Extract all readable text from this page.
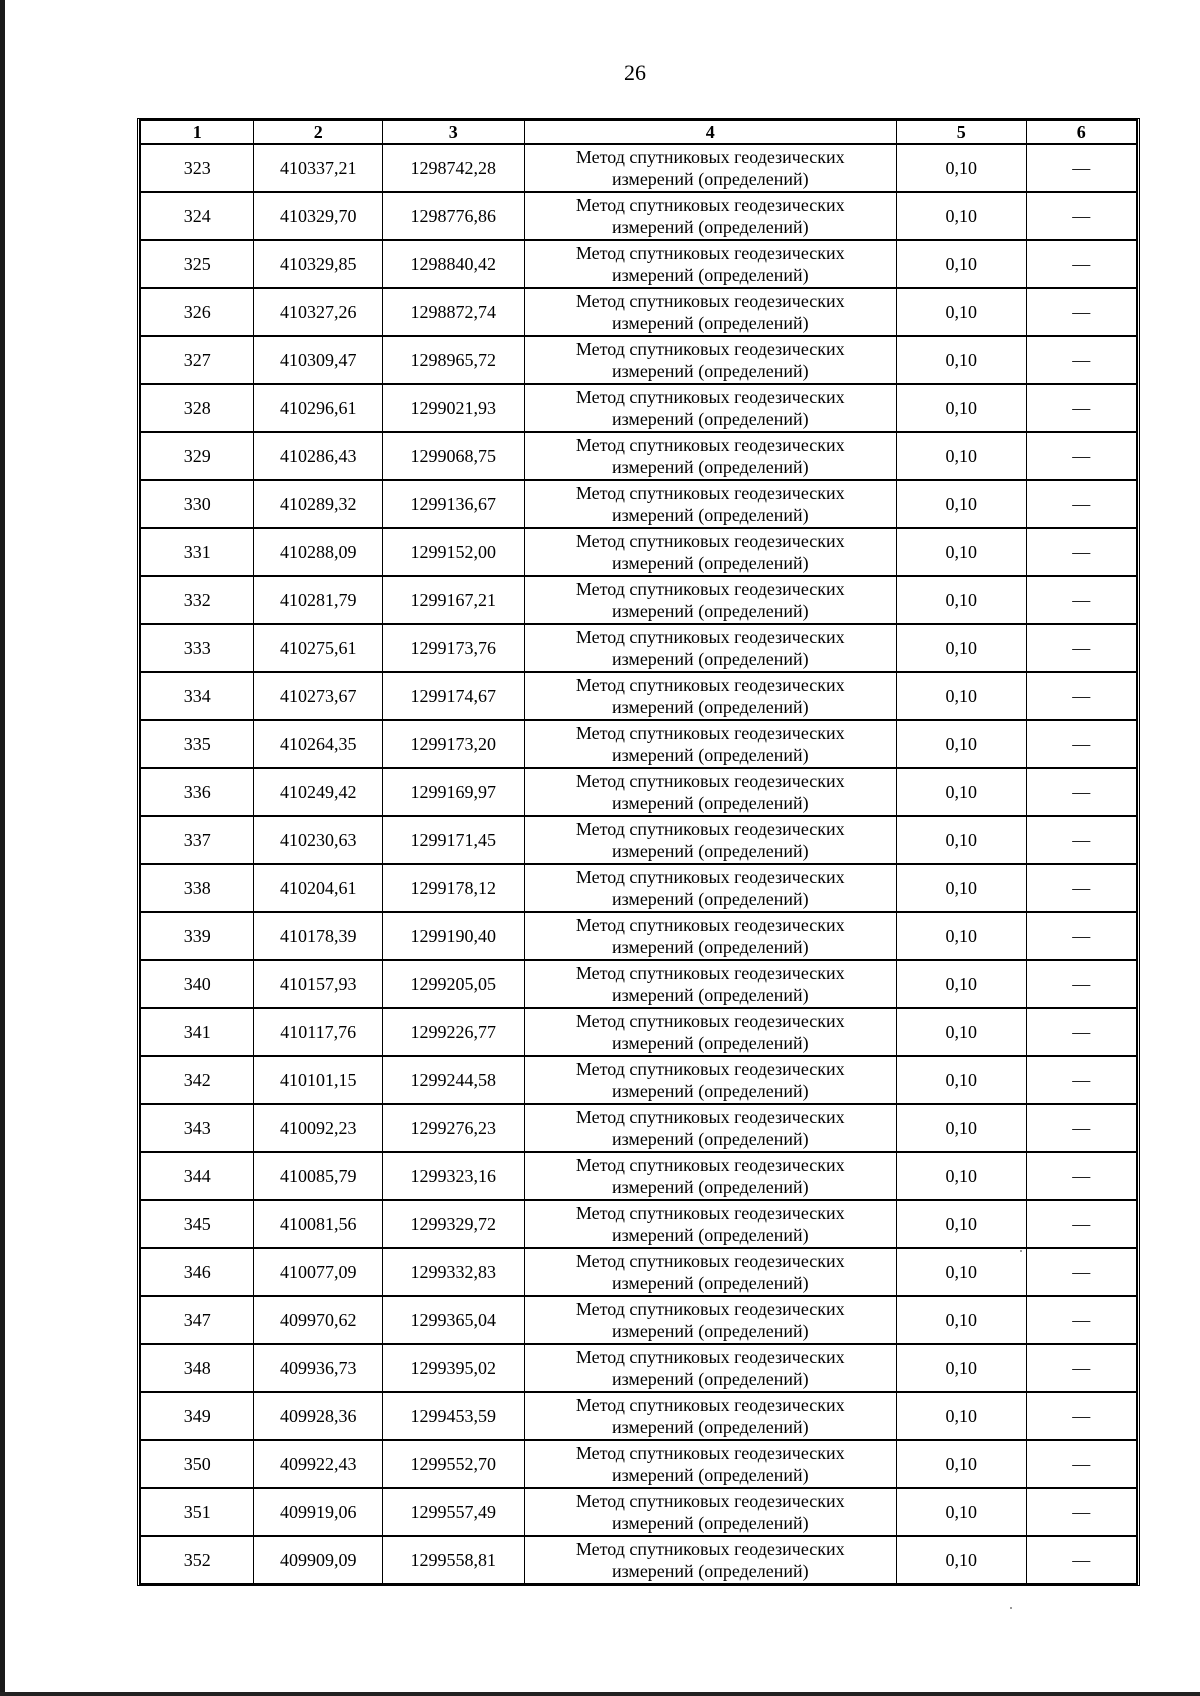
26
1	2	3	4	5	6
323	410337,21	1298742,28	Метод спутниковых геодезических
измерений (определений)	0,10	—
324	410329,70	1298776,86	Метод спутниковых геодезических
измерений (определений)	0,10	—
325	410329,85	1298840,42	Метод спутниковых геодезических
измерений (определений)	0,10	—
326	410327,26	1298872,74	Метод спутниковых геодезических
измерений (определений)	0,10	—
327	410309,47	1298965,72	Метод спутниковых геодезических
измерений (определений)	0,10	—
328	410296,61	1299021,93	Метод спутниковых геодезических
измерений (определений)	0,10	—
329	410286,43	1299068,75	Метод спутниковых геодезических
измерений (определений)	0,10	—
330	410289,32	1299136,67	Метод спутниковых геодезических
измерений (определений)	0,10	—
331	410288,09	1299152,00	Метод спутниковых геодезических
измерений (определений)	0,10	—
332	410281,79	1299167,21	Метод спутниковых геодезических
измерений (определений)	0,10	—
333	410275,61	1299173,76	Метод спутниковых геодезических
измерений (определений)	0,10	—
334	410273,67	1299174,67	Метод спутниковых геодезических
измерений (определений)	0,10	—
335	410264,35	1299173,20	Метод спутниковых геодезических
измерений (определений)	0,10	—
336	410249,42	1299169,97	Метод спутниковых геодезических
измерений (определений)	0,10	—
337	410230,63	1299171,45	Метод спутниковых геодезических
измерений (определений)	0,10	—
338	410204,61	1299178,12	Метод спутниковых геодезических
измерений (определений)	0,10	—
339	410178,39	1299190,40	Метод спутниковых геодезических
измерений (определений)	0,10	—
340	410157,93	1299205,05	Метод спутниковых геодезических
измерений (определений)	0,10	—
341	410117,76	1299226,77	Метод спутниковых геодезических
измерений (определений)	0,10	—
342	410101,15	1299244,58	Метод спутниковых геодезических
измерений (определений)	0,10	—
343	410092,23	1299276,23	Метод спутниковых геодезических
измерений (определений)	0,10	—
344	410085,79	1299323,16	Метод спутниковых геодезических
измерений (определений)	0,10	—
345	410081,56	1299329,72	Метод спутниковых геодезических
измерений (определений)	0,10	—
346	410077,09	1299332,83	Метод спутниковых геодезических
измерений (определений)	0,10	—
347	409970,62	1299365,04	Метод спутниковых геодезических
измерений (определений)	0,10	—
348	409936,73	1299395,02	Метод спутниковых геодезических
измерений (определений)	0,10	—
349	409928,36	1299453,59	Метод спутниковых геодезических
измерений (определений)	0,10	—
350	409922,43	1299552,70	Метод спутниковых геодезических
измерений (определений)	0,10	—
351	409919,06	1299557,49	Метод спутниковых геодезических
измерений (определений)	0,10	—
352	409909,09	1299558,81	Метод спутниковых геодезических
измерений (определений)	0,10	—
